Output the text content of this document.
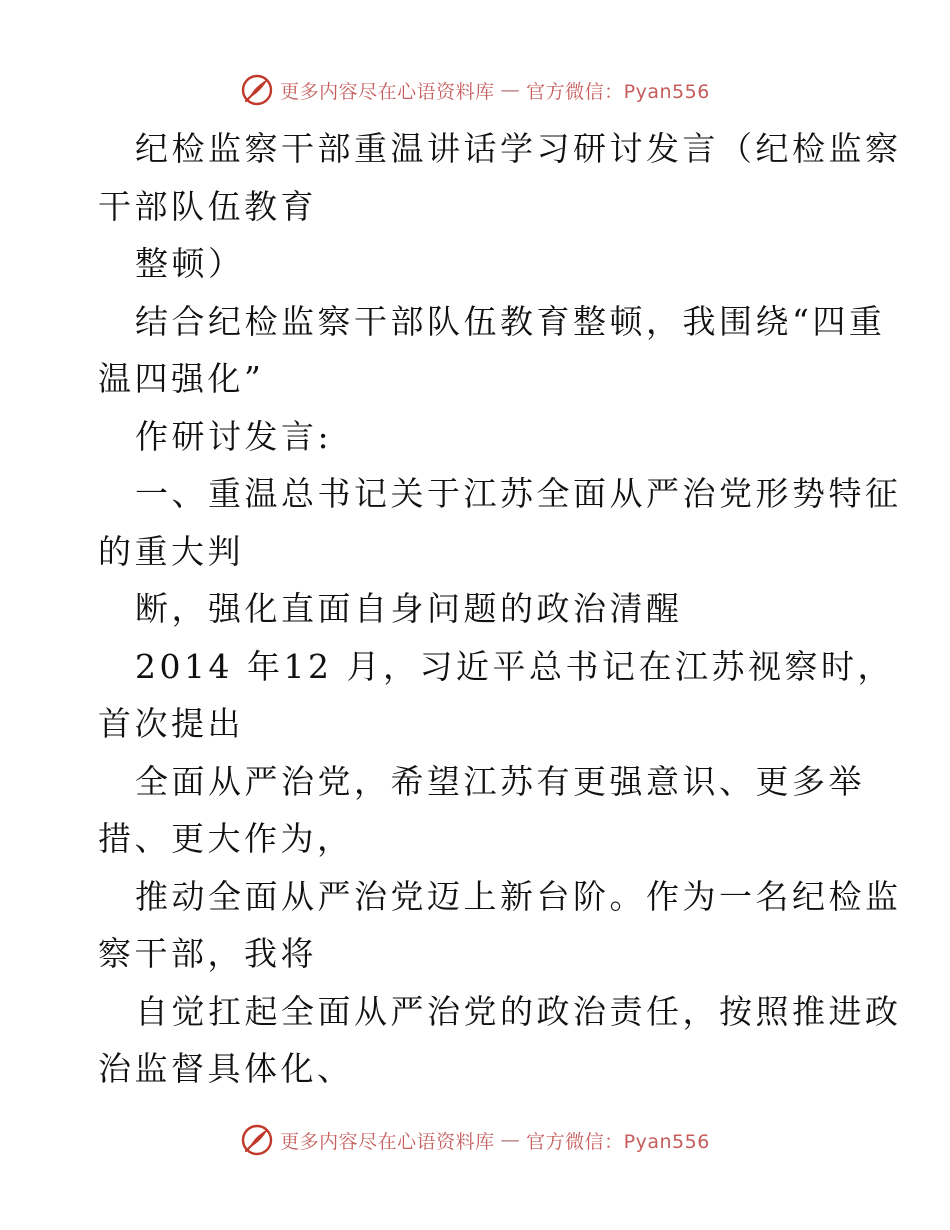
更多内容尽在心语资料库 — 官方微信：Pyan556
纪检监察干部重温讲话学习研讨发言（纪检监察
干部队伍教育
整顿）
结合纪检监察干部队伍教育整顿，我围绕“四重
温四强化”
作研讨发言:
一、重温总书记关于江苏全面从严治党形势特征
的重大判
断，强化直面自身问题的政治清醒
2014 年12 月，习近平总书记在江苏视察时，
首次提出
全面从严治党，希望江苏有更强意识、更多举
措、更大作为，
推动全面从严治党迈上新台阶。作为一名纪检监
察干部，我将
自觉扛起全面从严治党的政治责任，按照推进政
治监督具体化、
更多内容尽在心语资料库 — 官方微信：Pyan556
